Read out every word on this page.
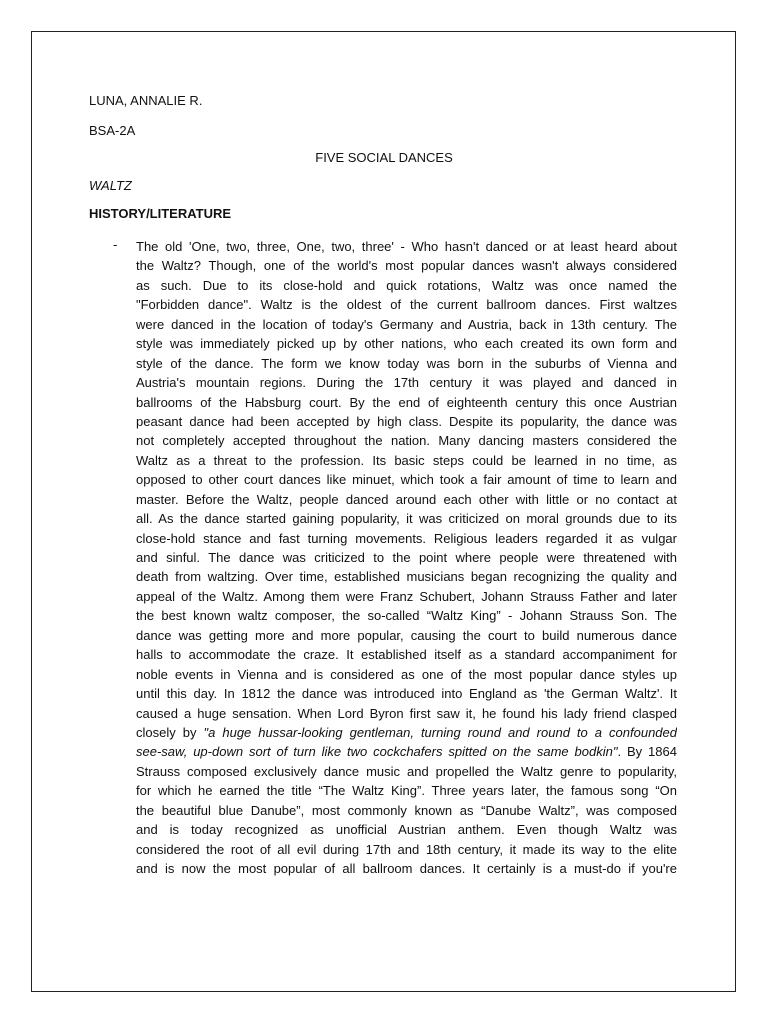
LUNA, ANNALIE R.
BSA-2A
FIVE SOCIAL DANCES
WALTZ
HISTORY/LITERATURE
- The old 'One, two, three, One, two, three' - Who hasn't danced or at least heard about
the Waltz? Though, one of the world's most popular dances wasn't always considered
as such. Due to its close-hold and quick rotations, Waltz was once named the
"Forbidden dance". Waltz is the oldest of the current ballroom dances. First waltzes
were danced in the location of today's Germany and Austria, back in 13th century. The
style was immediately picked up by other nations, who each created its own form and
style of the dance. The form we know today was born in the suburbs of Vienna and
Austria's mountain regions. During the 17th century it was played and danced in
ballrooms of the Habsburg court. By the end of eighteenth century this once Austrian
peasant dance had been accepted by high class. Despite its popularity, the dance was
not completely accepted throughout the nation. Many dancing masters considered the
Waltz as a threat to the profession. Its basic steps could be learned in no time, as
opposed to other court dances like minuet, which took a fair amount of time to learn and
master. Before the Waltz, people danced around each other with little or no contact at
all. As the dance started gaining popularity, it was criticized on moral grounds due to its
close-hold stance and fast turning movements. Religious leaders regarded it as vulgar
and sinful. The dance was criticized to the point where people were threatened with
death from waltzing. Over time, established musicians began recognizing the quality and
appeal of the Waltz. Among them were Franz Schubert, Johann Strauss Father and later
the best known waltz composer, the so-called “Waltz King” - Johann Strauss Son. The
dance was getting more and more popular, causing the court to build numerous dance
halls to accommodate the craze. It established itself as a standard accompaniment for
noble events in Vienna and is considered as one of the most popular dance styles up
until this day. In 1812 the dance was introduced into England as 'the German Waltz'. It
caused a huge sensation. When Lord Byron first saw it, he found his lady friend clasped
closely by "a huge hussar-looking gentleman, turning round and round to a confounded
see-saw, up-down sort of turn like two cockchafers spitted on the same bodkin". By 1864
Strauss composed exclusively dance music and propelled the Waltz genre to popularity,
for which he earned the title “The Waltz King”. Three years later, the famous song “On
the beautiful blue Danube”, most commonly known as “Danube Waltz”, was composed
and is today recognized as unofficial Austrian anthem. Even though Waltz was
considered the root of all evil during 17th and 18th century, it made its way to the elite
and is now the most popular of all ballroom dances. It certainly is a must-do if you're
